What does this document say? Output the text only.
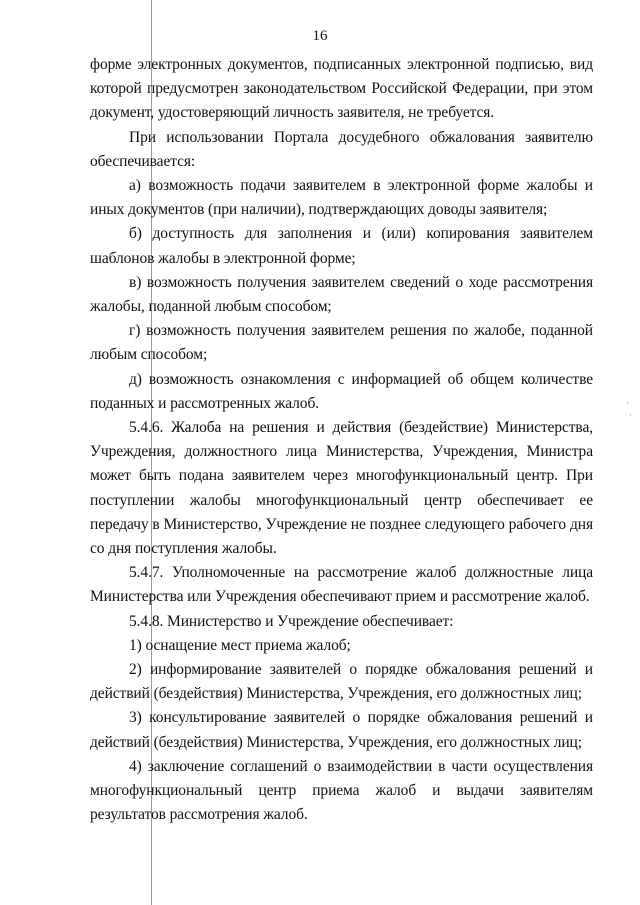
16

форме электронных документов, подписанных электронной подписью, вид которой предусмотрен законодательством Российской Федерации, при этом документ, удостоверяющий личность заявителя, не требуется.

При использовании Портала досудебного обжалования заявителю обеспечивается:

а) возможность подачи заявителем в электронной форме жалобы и иных документов (при наличии), подтверждающих доводы заявителя;

б) доступность для заполнения и (или) копирования заявителем шаблонов жалобы в электронной форме;

в) возможность получения заявителем сведений о ходе рассмотрения жалобы, поданной любым способом;

г) возможность получения заявителем решения по жалобе, поданной любым способом;

д) возможность ознакомления с информацией об общем количестве поданных и рассмотренных жалоб.

5.4.6. Жалоба на решения и действия (бездействие) Министерства, Учреждения, должностного лица Министерства, Учреждения, Министра может быть подана заявителем через многофункциональный центр. При поступлении жалобы многофункциональный центр обеспечивает ее передачу в Министерство, Учреждение не позднее следующего рабочего дня со дня поступления жалобы.

5.4.7. Уполномоченные на рассмотрение жалоб должностные лица Министерства или Учреждения обеспечивают прием и рассмотрение жалоб.

5.4.8. Министерство и Учреждение обеспечивает:

1) оснащение мест приема жалоб;

2) информирование заявителей о порядке обжалования решений и действий (бездействия) Министерства, Учреждения, его должностных лиц;

3) консультирование заявителей о порядке обжалования решений и действий (бездействия) Министерства, Учреждения, его должностных лиц;

4) заключение соглашений о взаимодействии в части осуществления многофункциональный центр приема жалоб и выдачи заявителям результатов рассмотрения жалоб.
